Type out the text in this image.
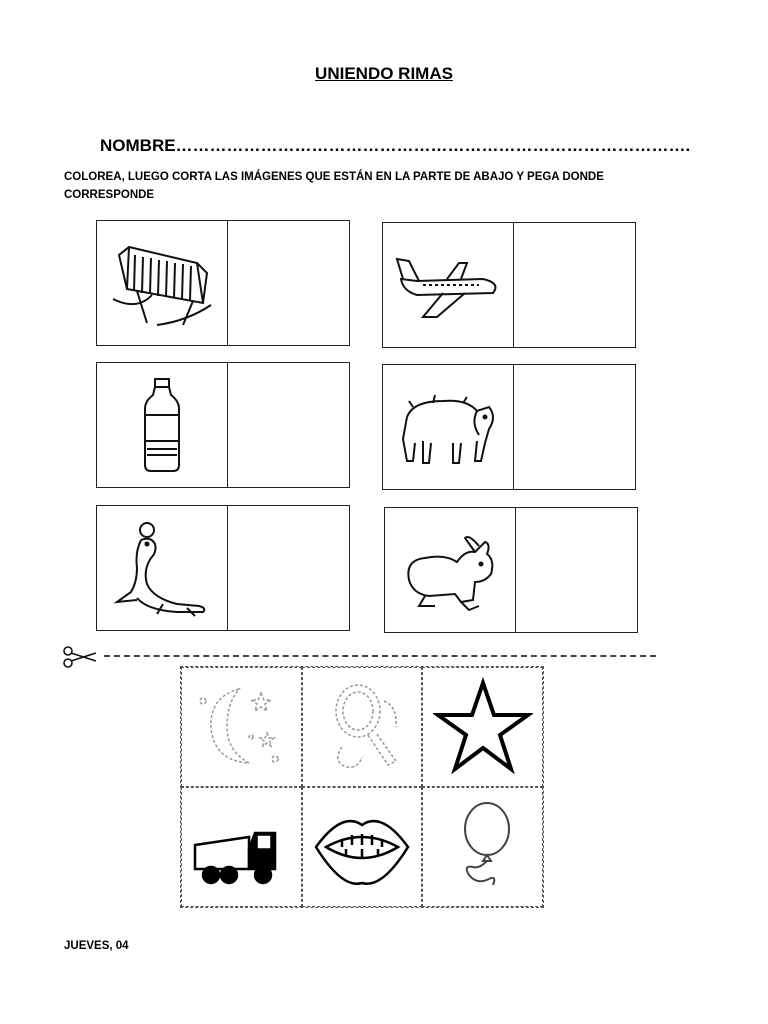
UNIENDO RIMAS
NOMBRE……………………………………………………………………………….
COLOREA, LUEGO CORTA LAS IMÁGENES QUE ESTÁN EN LA PARTE DE ABAJO Y PEGA DONDE CORRESPONDE
JUEVES, 04
